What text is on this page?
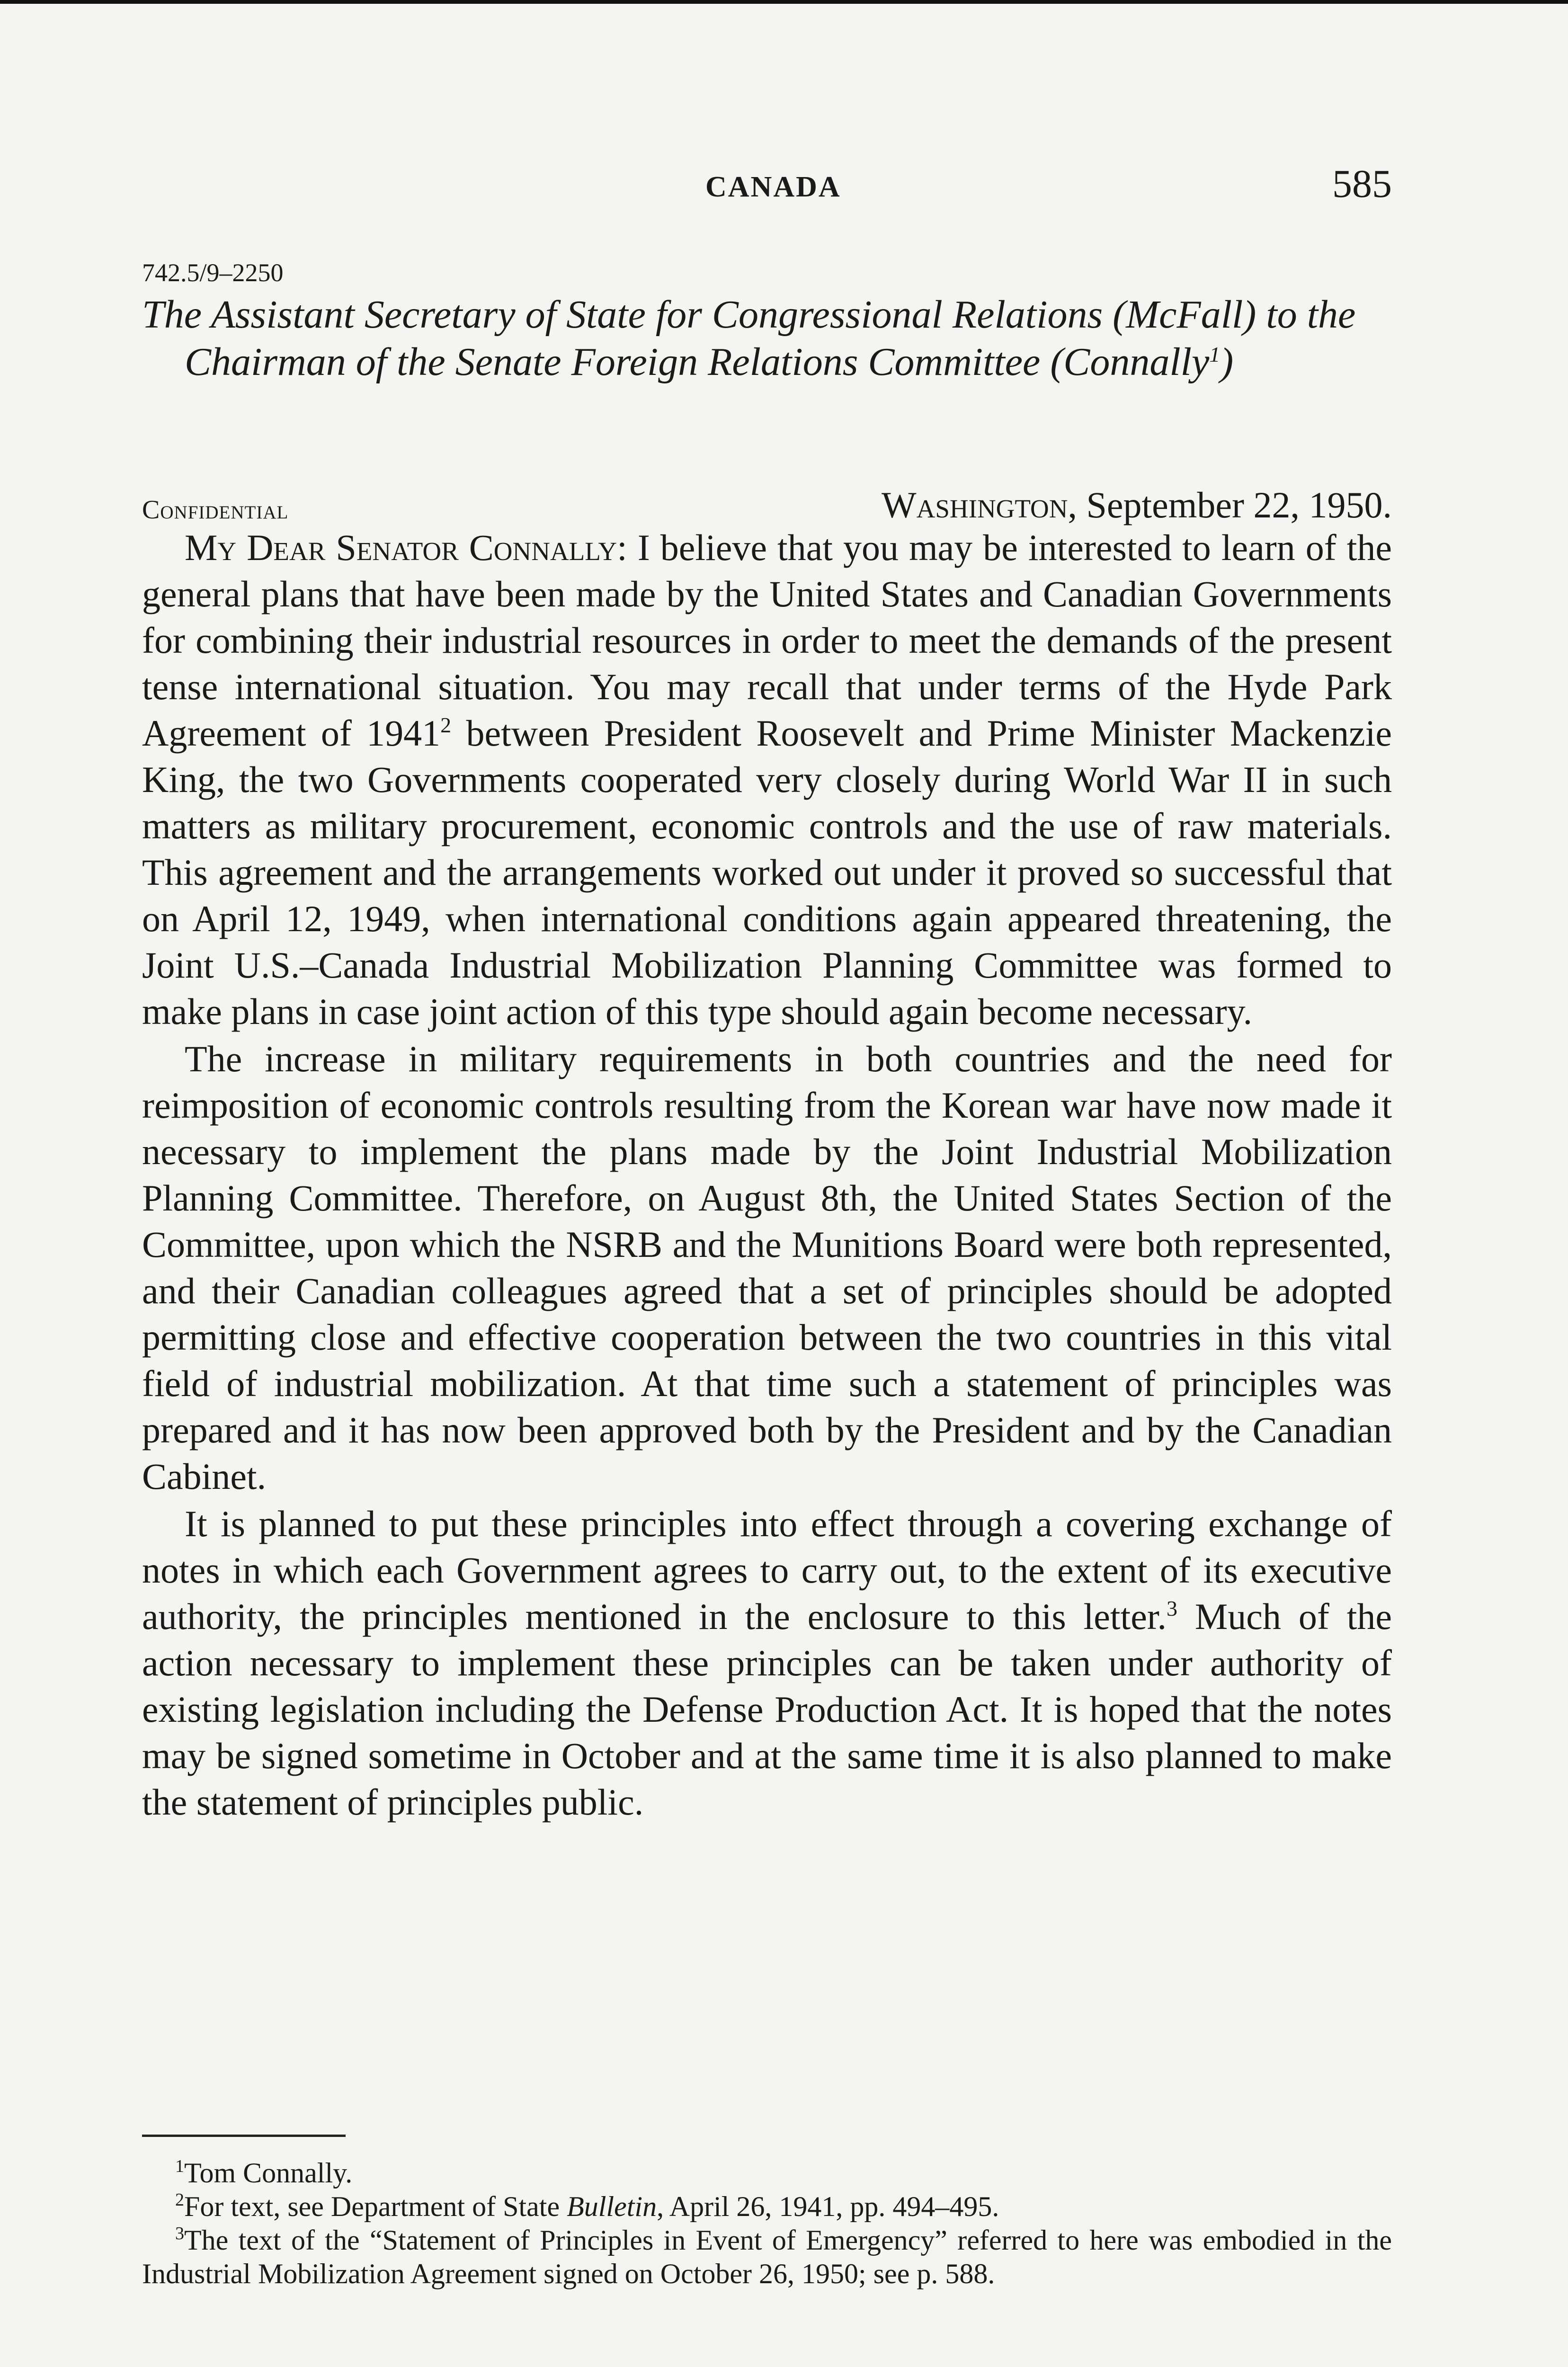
CANADA	585
742.5/9–2250
The Assistant Secretary of State for Congressional Relations (McFall) to the Chairman of the Senate Foreign Relations Committee (Connally$^1$)
Confidential	Washington, September 22, 1950.

My Dear Senator Connally: I believe that you may be interested to learn of the general plans that have been made by the United States and Canadian Governments for combining their industrial resources in order to meet the demands of the present tense international situation. You may recall that under terms of the Hyde Park Agreement of 1941$^2$ between President Roosevelt and Prime Minister Mackenzie King, the two Governments cooperated very closely during World War II in such matters as military procurement, economic controls and the use of raw materials. This agreement and the arrangements worked out under it proved so successful that on April 12, 1949, when international conditions again appeared threatening, the Joint U.S.–Canada Industrial Mobilization Planning Committee was formed to make plans in case joint action of this type should again become necessary.

The increase in military requirements in both countries and the need for reimposition of economic controls resulting from the Korean war have now made it necessary to implement the plans made by the Joint Industrial Mobilization Planning Committee. Therefore, on August 8th, the United States Section of the Committee, upon which the NSRB and the Munitions Board were both represented, and their Canadian colleagues agreed that a set of principles should be adopted permitting close and effective cooperation between the two countries in this vital field of industrial mobilization. At that time such a statement of principles was prepared and it has now been approved both by the President and by the Canadian Cabinet.

It is planned to put these principles into effect through a covering exchange of notes in which each Government agrees to carry out, to the extent of its executive authority, the principles mentioned in the enclosure to this letter.$^3$ Much of the action necessary to implement these principles can be taken under authority of existing legislation including the Defense Production Act. It is hoped that the notes may be signed sometime in October and at the same time it is also planned to make the statement of principles public.

$^1$Tom Connally.

$^2$For text, see Department of State Bulletin, April 26, 1941, pp. 494–495.

$^3$The text of the “Statement of Principles in Event of Emergency” referred to here was embodied in the Industrial Mobilization Agreement signed on October 26, 1950; see p. 588.
